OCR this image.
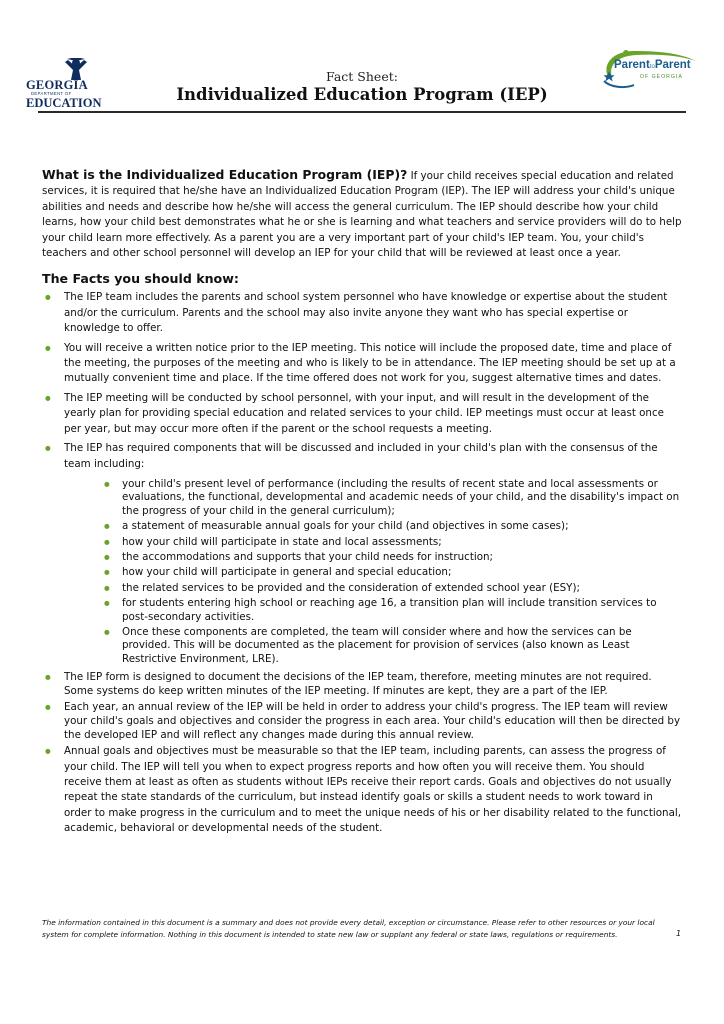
GEORGIA
DEPARTMENT OF
EDUCATION
ParenttoParent
OF GEORGIA
Fact Sheet:
Individualized Education Program (IEP)

What is the Individualized Education Program (IEP)? If your child receives special education and related services, it is required that he/she have an Individualized Education Program (IEP). The IEP will address your child's unique abilities and needs and describe how he/she will access the general curriculum. The IEP should describe how your child learns, how your child best demonstrates what he or she is learning and what teachers and service providers will do to help your child learn more effectively. As a parent you are a very important part of your child's IEP team. You, your child's teachers and other school personnel will develop an IEP for your child that will be reviewed at least once a year.

The Facts you should know:
● The IEP team includes the parents and school system personnel who have knowledge or expertise about the student and/or the curriculum. Parents and the school may also invite anyone they want who has special expertise or knowledge to offer.
● You will receive a written notice prior to the IEP meeting. This notice will include the proposed date, time and place of the meeting, the purposes of the meeting and who is likely to be in attendance. The IEP meeting should be set up at a mutually convenient time and place. If the time offered does not work for you, suggest alternative times and dates.
● The IEP meeting will be conducted by school personnel, with your input, and will result in the development of the yearly plan for providing special education and related services to your child. IEP meetings must occur at least once per year, but may occur more often if the parent or the school requests a meeting.
● The IEP has required components that will be discussed and included in your child's plan with the consensus of the team including:
● your child's present level of performance (including the results of recent state and local assessments or evaluations, the functional, developmental and academic needs of your child, and the disability's impact on the progress of your child in the general curriculum);
● a statement of measurable annual goals for your child (and objectives in some cases);
● how your child will participate in state and local assessments;
● the accommodations and supports that your child needs for instruction;
● how your child will participate in general and special education;
● the related services to be provided and the consideration of extended school year (ESY);
● for students entering high school or reaching age 16, a transition plan will include transition services to post-secondary activities.
● Once these components are completed, the team will consider where and how the services can be provided. This will be documented as the placement for provision of services (also known as Least Restrictive Environment, LRE).
● The IEP form is designed to document the decisions of the IEP team, therefore, meeting minutes are not required. Some systems do keep written minutes of the IEP meeting. If minutes are kept, they are a part of the IEP.
● Each year, an annual review of the IEP will be held in order to address your child's progress. The IEP team will review your child's goals and objectives and consider the progress in each area. Your child's education will then be directed by the developed IEP and will reflect any changes made during this annual review.
● Annual goals and objectives must be measurable so that the IEP team, including parents, can assess the progress of your child. The IEP will tell you when to expect progress reports and how often you will receive them. You should receive them at least as often as students without IEPs receive their report cards. Goals and objectives do not usually repeat the state standards of the curriculum, but instead identify goals or skills a student needs to work toward in order to make progress in the curriculum and to meet the unique needs of his or her disability related to the functional, academic, behavioral or developmental needs of the student.
The information contained in this document is a summary and does not provide every detail, exception or circumstance. Please refer to other resources or your local system for complete information. Nothing in this document is intended to state new law or supplant any federal or state laws, regulations or requirements.	1
